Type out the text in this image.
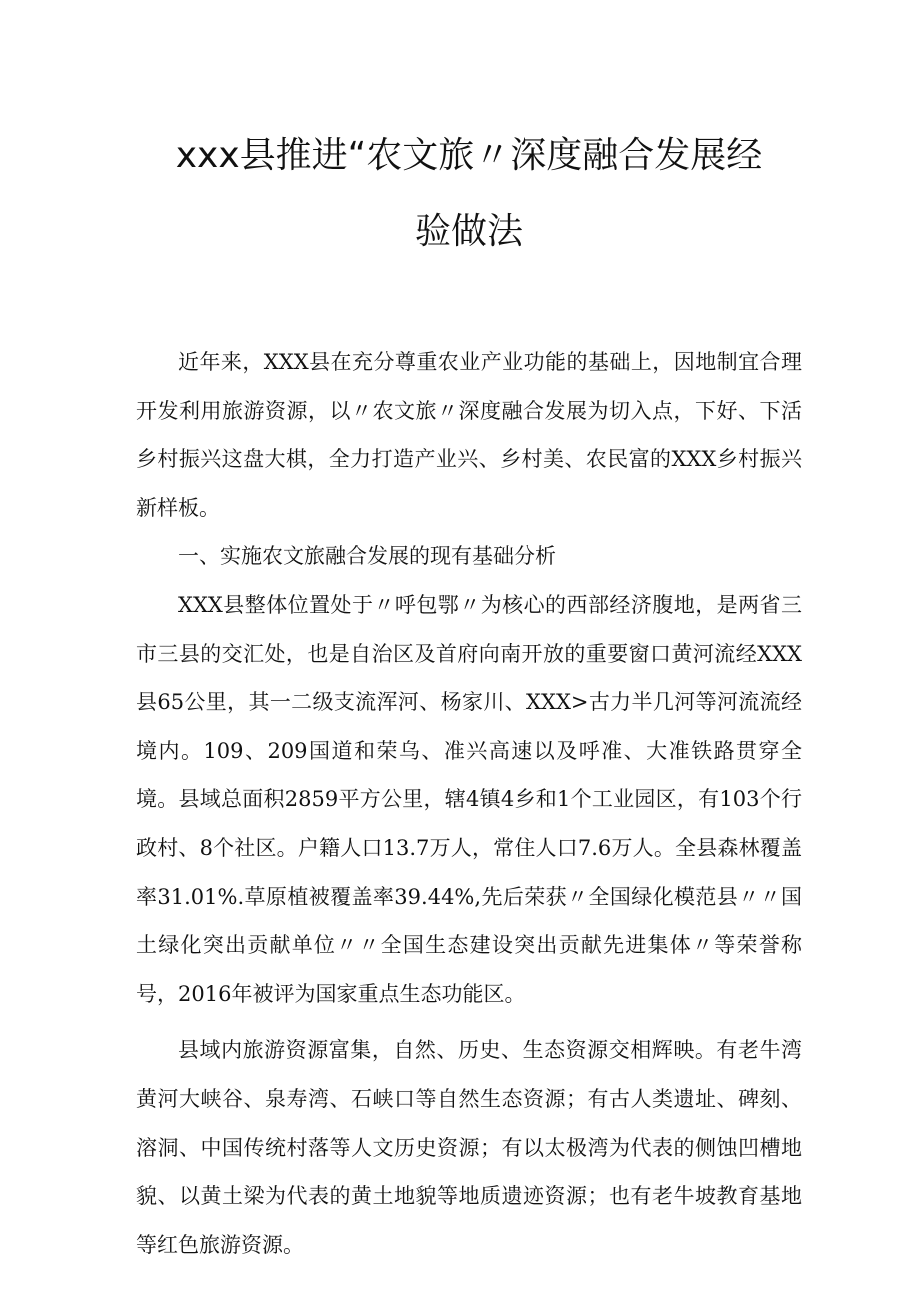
xxx县推进“农文旅〃深度融合发展经
验做法

近年来，XXX县在充分尊重农业产业功能的基础上，因地制宜合理开发利用旅游资源，以〃农文旅〃深度融合发展为切入点，下好、下活乡村振兴这盘大棋，全力打造产业兴、乡村美、农民富的XXX乡村振兴新样板。

一、实施农文旅融合发展的现有基础分析

XXX县整体位置处于〃呼包鄂〃为核心的西部经济腹地，是两省三市三县的交汇处，也是自治区及首府向南开放的重要窗口黄河流经XXX县65公里，其一二级支流浑河、杨家川、XXX>古力半几河等河流流经境内。109、209国道和荣乌、准兴高速以及呼准、大准铁路贯穿全境。县域总面积2859平方公里，辖4镇4乡和1个工业园区，有103个行政村、8个社区。户籍人口13.7万人，常住人口7.6万人。全县森林覆盖率31.01%.草原植被覆盖率39.44%,先后荣获〃全国绿化模范县〃〃国土绿化突出贡献单位〃〃全国生态建设突出贡献先进集体〃等荣誉称号，2016年被评为国家重点生态功能区。

县域内旅游资源富集，自然、历史、生态资源交相辉映。有老牛湾黄河大峡谷、泉寿湾、石峡口等自然生态资源；有古人类遗址、碑刻、溶洞、中国传统村落等人文历史资源；有以太极湾为代表的侧蚀凹槽地貌、以黄土梁为代表的黄土地貌等地质遗迹资源；也有老牛坡教育基地等红色旅游资源。
